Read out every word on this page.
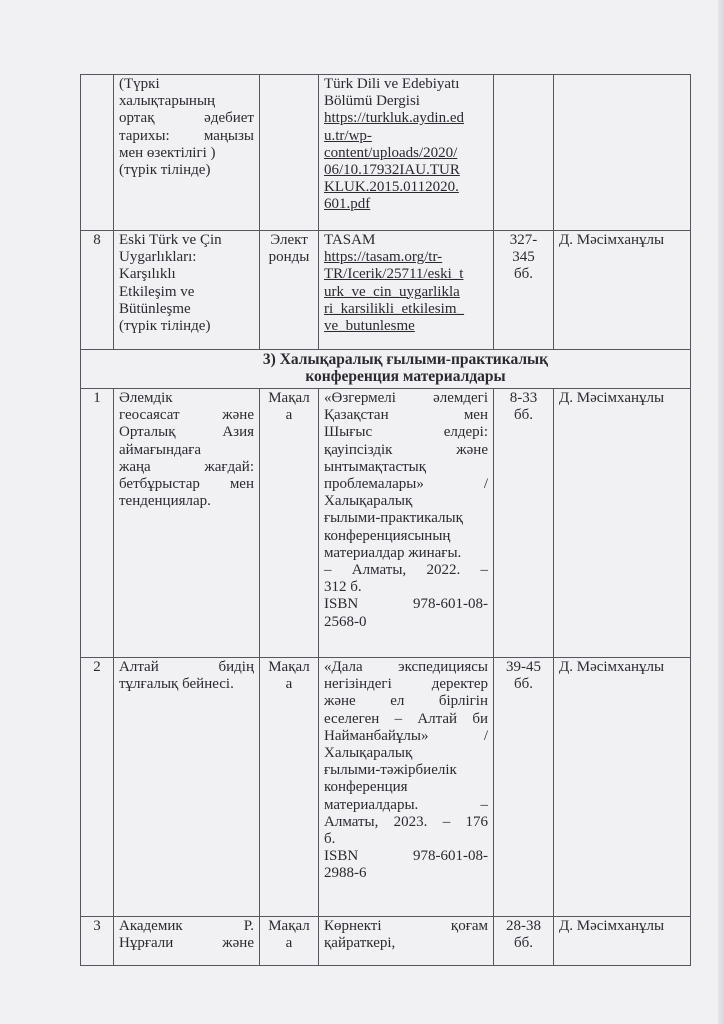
(Түркі
халықтарының
ортақ	әдебиет
тарихы: маңызы
мен өзектілігі )
(түрік тілінде)

Türk Dili ve Edebiyatı
Bölümü Dergisi
https://turkluk.aydin.ed
u.tr/wp-
content/uploads/2020/
06/10.17932IAU.TUR
KLUK.2015.0112020.
601.pdf

8	Eski Türk ve Çin
Uygarlıkları:
Karşılıklı
Etkileşim ve
Bütünleşme
(түрік тілінде)

Элект
ронды

TASAM
https://tasam.org/tr-
TR/Icerik/25711/eski_t
urk_ve_cin_uygarlikla
ri_karsilikli_etkilesim_
ve_butunlesme

327-
345
бб.
	Д. Мәсімханұлы

3) Халықаралық ғылыми-практикалық
конференция материалдары

1	Әлемдік
геосаясат	және
Орталық	Азия
аймағындаға
жаңа	жағдай:
бетбұрыстар мен
тенденциялар.

Мақал
а

«Өзгермелі әлемдегі
Қазақстан	мен
Шығыс	елдері:
қауіпсіздік	және
ынтымақтастық
проблемалары»	/
Халықаралық
ғылыми-практикалық
конференциясының
материалдар жинағы.
– Алматы, 2022. –
312 б.
ISBN	978-601-08-
2568-0

8-33
бб.
	Д. Мәсімханұлы
2	Алтай	бидің
тұлғалық бейнесі.

Мақал
а

«Дала экспедициясы
негізіндегі	деректер
және ел бірлігін
еселеген – Алтай би
Найманбайұлы»	/
Халықаралық
ғылыми-тәжірбиелік
конференция
материалдары.	–
Алматы, 2023. – 176
б.
ISBN	978-601-08-
2988-6

39-45
бб.
	Д. Мәсімханұлы
3	Академик	Р.
Нұрғали	және

Мақал
а

Көрнекті	қоғам
қайраткері,

28-38
бб.
	Д. Мәсімханұлы
